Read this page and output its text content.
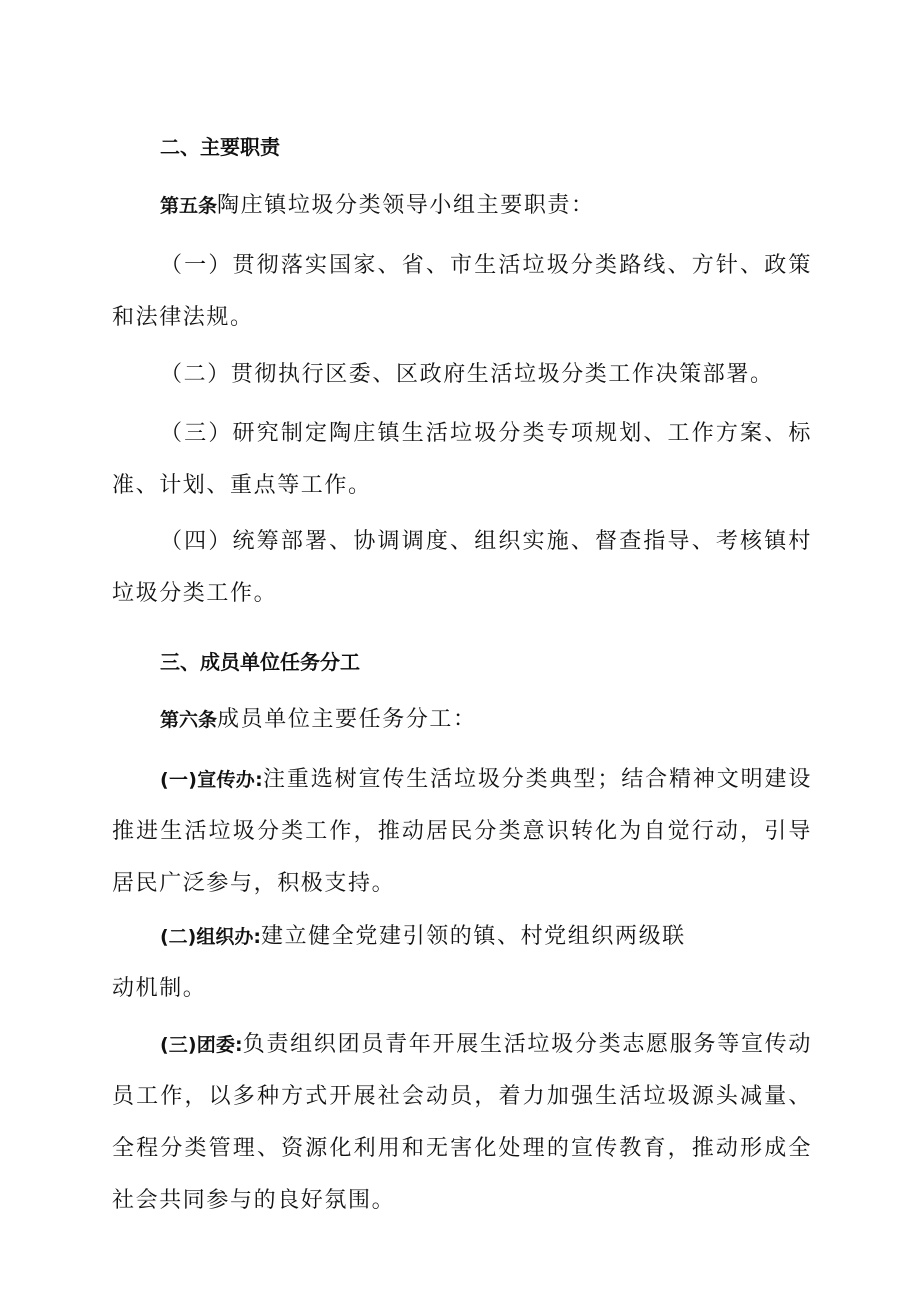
二、主要职责
第五条陶庄镇垃圾分类领导小组主要职责：

（一）贯彻落实国家、省、市生活垃圾分类路线、方针、政策和法律法规。

（二）贯彻执行区委、区政府生活垃圾分类工作决策部署。

（三）研究制定陶庄镇生活垃圾分类专项规划、工作方案、标准、计划、重点等工作。

（四）统筹部署、协调调度、组织实施、督查指导、考核镇村垃圾分类工作。

三、成员单位任务分工
第六条成员单位主要任务分工：

(一)宣传办:注重选树宣传生活垃圾分类典型；结合精神文明建设推进生活垃圾分类工作，推动居民分类意识转化为自觉行动，引导居民广泛参与，积极支持。

(二)组织办:建立健全党建引领的镇、村党组织两级联

动机制。

(三)团委:负责组织团员青年开展生活垃圾分类志愿服务等宣传动员工作，以多种方式开展社会动员，着力加强生活垃圾源头减量、全程分类管理、资源化利用和无害化处理的宣传教育，推动形成全社会共同参与的良好氛围。
